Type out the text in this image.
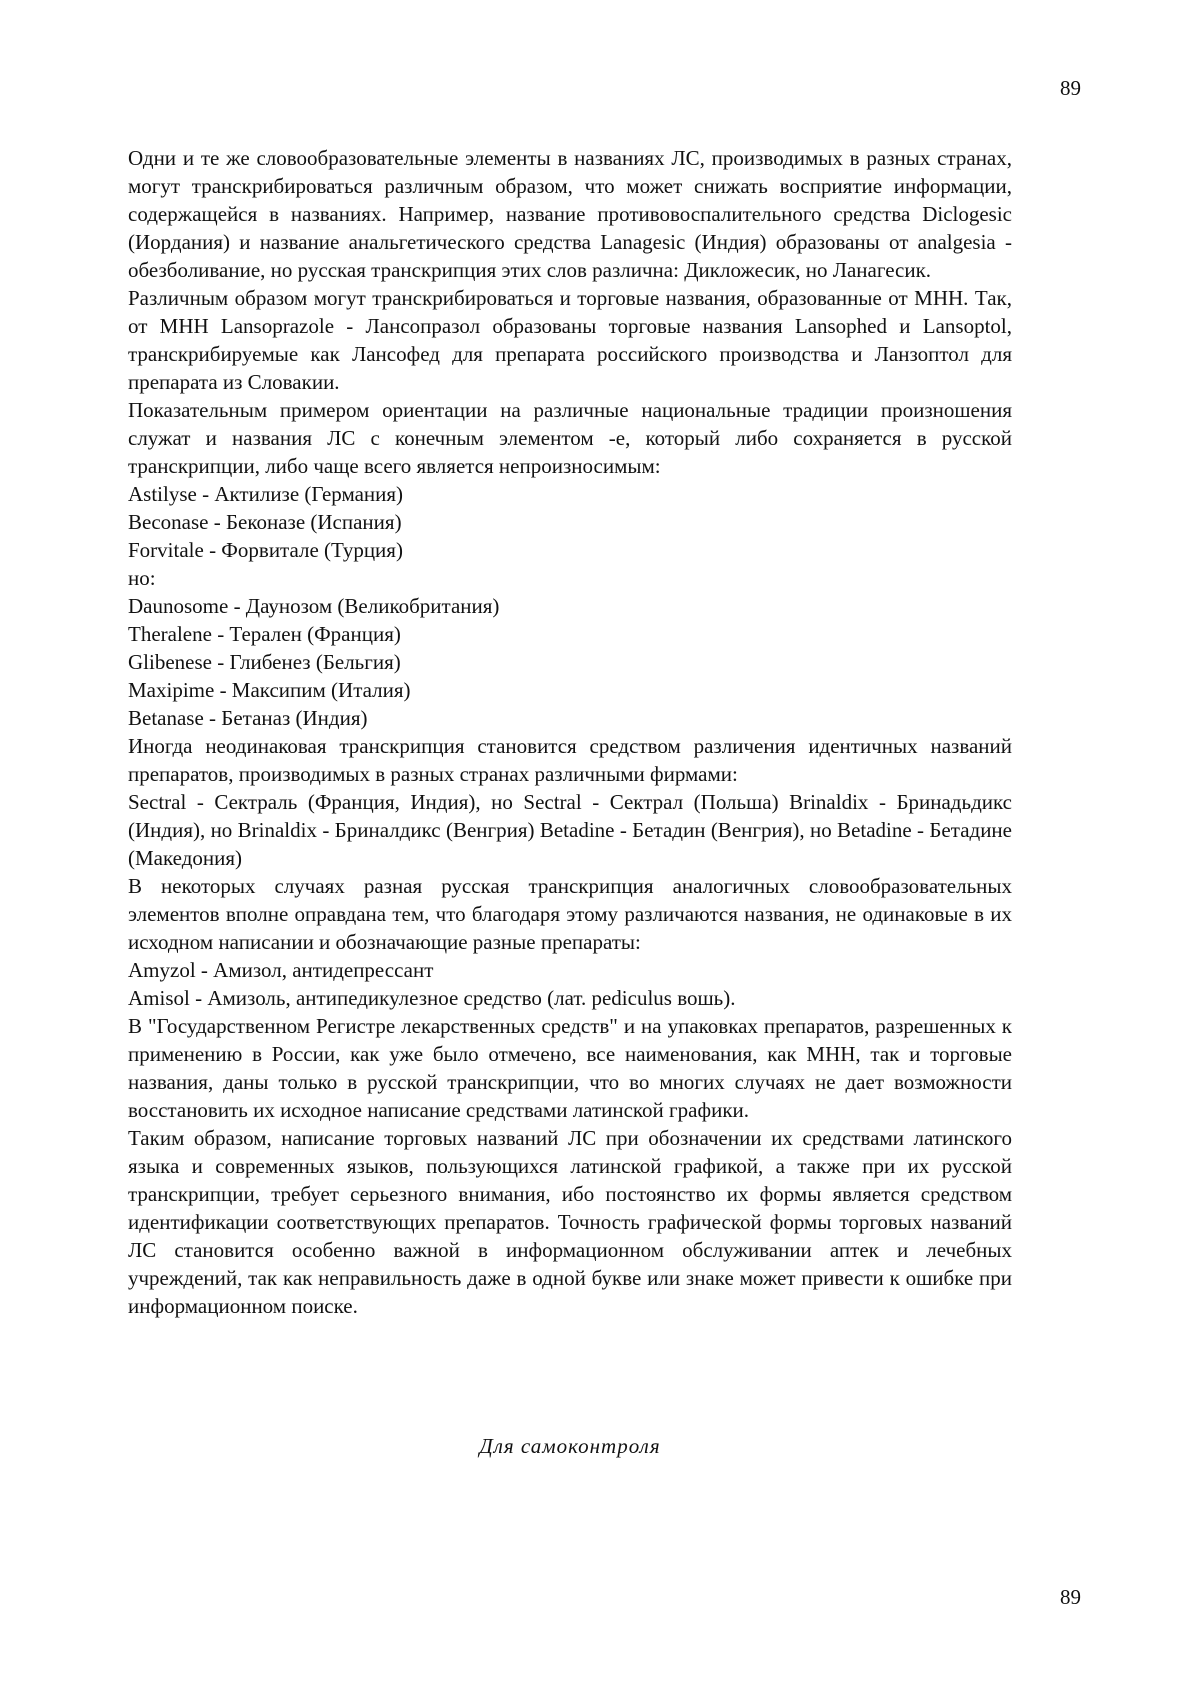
89

Одни и те же словообразовательные элементы в названиях ЛС, производимых в разных странах, могут транскрибироваться различным образом, что может снижать восприятие информации, содержащейся в названиях. Например, название противовоспалительного средства Diclogesic (Иордания) и название анальгетического средства Lanagesic (Индия) образованы от analgesia - обезболивание, но русская транскрипция этих слов различна: Дикложесик, но Ланагесик.

Различным образом могут транскрибироваться и торговые названия, образованные от МНН. Так, от МНН Lansoprazole - Лансопразол образованы торговые названия Lansophed и Lansoptol, транскрибируемые как Лансофед для препарата российского производства и Ланзоптол для препарата из Словакии.

Показательным примером ориентации на различные национальные традиции произношения служат и названия ЛС с конечным элементом -е, который либо сохраняется в русской транскрипции, либо чаще всего является непроизносимым:

Astilyse - Актилизе (Германия)

Beconase - Беконазе (Испания)

Forvitale - Форвитале (Турция)

но:

Daunosome - Даунозом (Великобритания)

Theralene - Терален (Франция)

Glibenese - Глибенез (Бельгия)

Maxipime - Максипим (Италия)

Betanase - Бетаназ (Индия)

Иногда неодинаковая транскрипция становится средством различения идентичных названий препаратов, производимых в разных странах различными фирмами:

Sectral - Сектраль (Франция, Индия), но Sectral - Сектрал (Польша) Brinaldix - Бринадьдикс (Индия), но Brinaldix - Бриналдикс (Венгрия) Betadine - Бетадин (Венгрия), но Betadine - Бетадине (Македония)

В некоторых случаях разная русская транскрипция аналогичных словообразовательных элементов вполне оправдана тем, что благодаря этому различаются названия, не одинаковые в их исходном написании и обозначающие разные препараты:

Amyzol - Амизол, антидепрессант

Amisol - Амизоль, антипедикулезное средство (лат. pediculus вошь).

В "Государственном Регистре лекарственных средств" и на упаковках препаратов, разрешенных к применению в России, как уже было отмечено, все наименования, как МНН, так и торговые названия, даны только в русской транскрипции, что во многих случаях не дает возможности восстановить их исходное написание средствами латинской графики.

Таким образом, написание торговых названий ЛС при обозначении их средствами латинского языка и современных языков, пользующихся латинской графикой, а также при их русской транскрипции, требует серьезного внимания, ибо постоянство их формы является средством идентификации соответствующих препаратов. Точность графической формы торговых названий ЛС становится особенно важной в информационном обслуживании аптек и лечебных учреждений, так как неправильность даже в одной букве или знаке может привести к ошибке при информационном поиске.

Для самоконтроля
89
